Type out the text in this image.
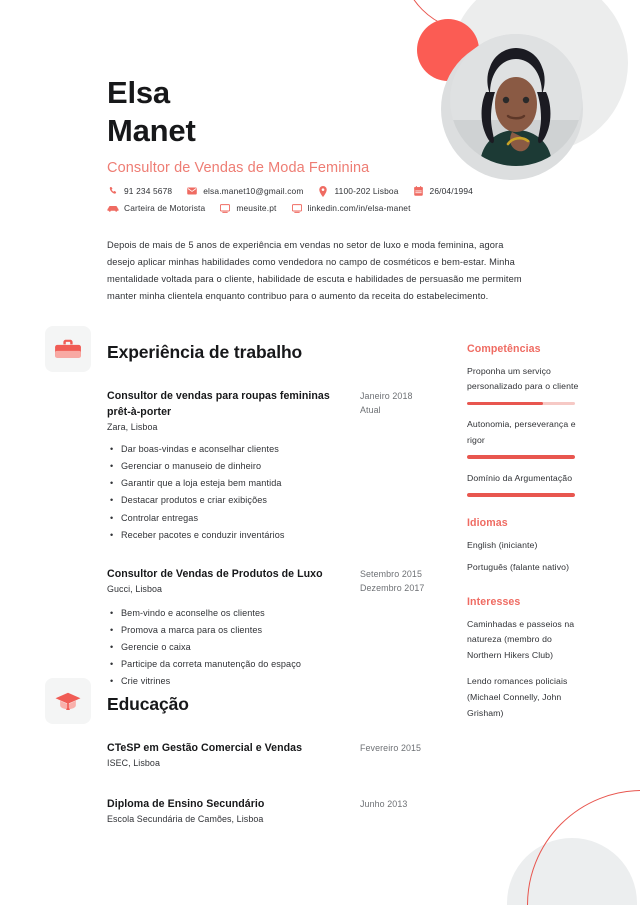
Elsa
Manet
Consultor de Vendas de Moda Feminina
91 234 5678	elsa.manet10@gmail.com	1100-202 Lisboa	26/04/1994
Carteira de Motorista	meusite.pt	linkedin.com/in/elsa-manet
Depois de mais de 5 anos de experiência em vendas no setor de luxo e moda feminina, agora desejo aplicar minhas habilidades como vendedora no campo de cosméticos e bem-estar. Minha mentalidade voltada para o cliente, habilidade de escuta e habilidades de persuasão me permitem manter minha clientela enquanto contribuo para o aumento da receita do estabelecimento.
Experiência de trabalho
Consultor de vendas para roupas femininas prêt-à-porter
Zara, Lisboa
Janeiro 2018
Atual
• Dar boas-vindas e aconselhar clientes
• Gerenciar o manuseio de dinheiro
• Garantir que a loja esteja bem mantida
• Destacar produtos e criar exibições
• Controlar entregas
• Receber pacotes e conduzir inventários
Consultor de Vendas de Produtos de Luxo
Gucci, Lisboa
Setembro 2015
Dezembro 2017
• Bem-vindo e aconselhe os clientes
• Promova a marca para os clientes
• Gerencie o caixa
• Participe da correta manutenção do espaço
• Crie vitrines
Educação
CTeSP em Gestão Comercial e Vendas
ISEC, Lisboa
Fevereiro 2015
Diploma de Ensino Secundário
Escola Secundária de Camões, Lisboa
Junho 2013
Competências
Proponha um serviço personalizado para o cliente
Autonomia, perseverança e rigor
Domínio da Argumentação
Idiomas
English (iniciante)
Português (falante nativo)
Interesses
Caminhadas e passeios na natureza (membro do Northern Hikers Club)
Lendo romances policiais (Michael Connelly, John Grisham)
